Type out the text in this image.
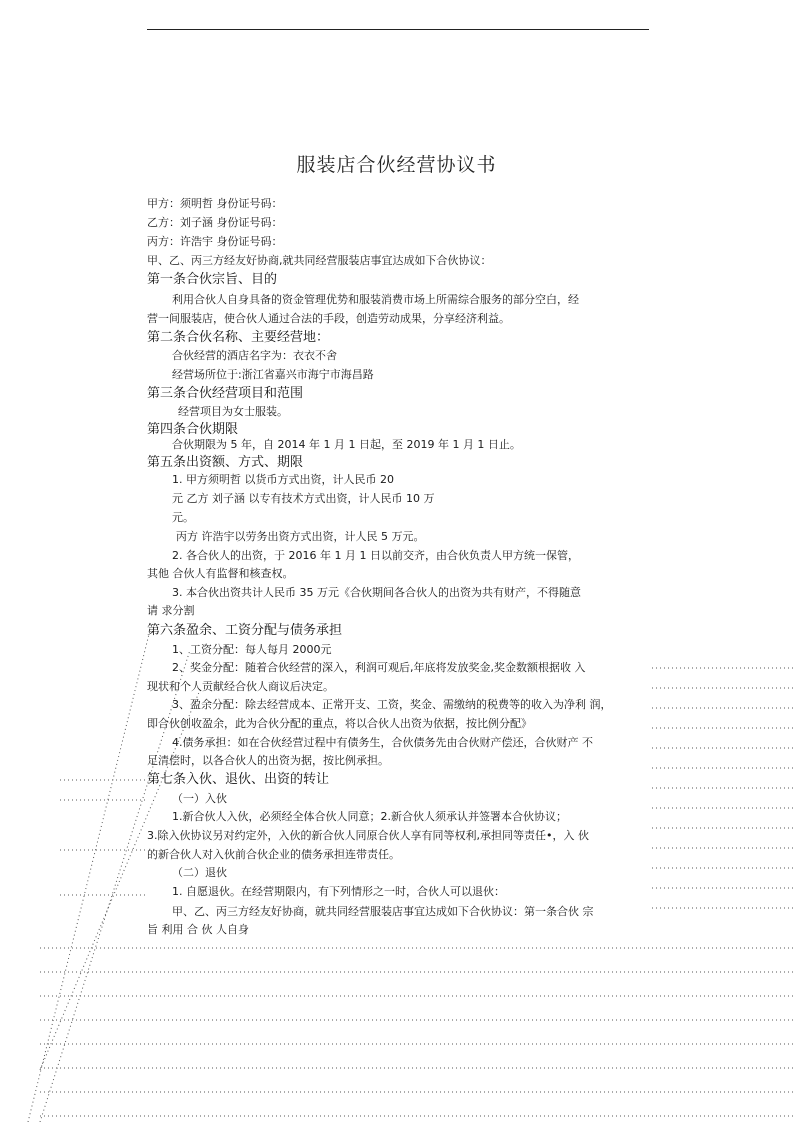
服装店合伙经营协议书
甲方：须明哲 身份证号码：
乙方：刘子涵 身份证号码：
丙方：许浩宇 身份证号码：
甲、乙、丙三方经友好协商,就共同经营服装店事宜达成如下合伙协议：
第一条合伙宗旨、目的
利用合伙人自身具备的资金管理优势和服装消费市场上所需综合服务的部分空白，经
营一间服装店，使合伙人通过合法的手段，创造劳动成果，分享经济利益。
第二条合伙名称、主要经营地：
合伙经营的酒店名字为：衣衣不舍
经营场所位于:浙江省嘉兴市海宁市海昌路
第三条合伙经营项目和范围
经营项目为女士服装。
第四条合伙期限
合伙期限为 5 年，自 2014 年 1 月 1 日起，至 2019 年 1 月 1 日止。
第五条出资额、方式、期限
1. 甲方须明哲 以货币方式出资，计人民币 20
元 乙方 刘子涵 以专有技术方式出资，计人民币 10 万
元。
丙方 许浩宇以劳务出资方式出资，计人民 5 万元。
2. 各合伙人的出资，于 2016 年 1 月 1 日以前交齐，由合伙负责人甲方统一保管，
其他 合伙人有监督和核查权。
3. 本合伙出资共计人民币 35 万元《合伙期间各合伙人的出资为共有财产，不得随意
请 求分割
第六条盈余、工资分配与债务承担
1、工资分配：每人每月 2000元
2、奖金分配：随着合伙经营的深入，利润可观后,年底将发放奖金,奖金数额根据收 入
现状和个人贡献经合伙人商议后决定。
3、盈余分配：除去经营成本、正常开支、工资，奖金、需缴纳的税费等的收入为净利 润，
即合伙创收盈余，此为合伙分配的重点，将以合伙人出资为依据，按比例分配》
4.债务承担：如在合伙经营过程中有债务生，合伙债务先由合伙财产偿还，合伙财产 不
足清偿时，以各合伙人的出资为据，按比例承担。
第七条入伙、退伙、出资的转让
（一）入伙
1.新合伙人入伙，必须经全体合伙人同意；2.新合伙人须承认并签署本合伙协议；
3.除入伙协议另对约定外，入伙的新合伙人同原合伙人享有同等权利,承担同等责任•，入 伙
的新合伙人对入伙前合伙企业的债务承担连带责任。
（二）退伙
1. 自愿退伙。在经营期限内，有下列情形之一时，合伙人可以退伙：
甲、乙、丙三方经友好协商，就共同经营服装店事宜达成如下合伙协议：第一条合伙 宗
旨 利用 合 伙 人自身
